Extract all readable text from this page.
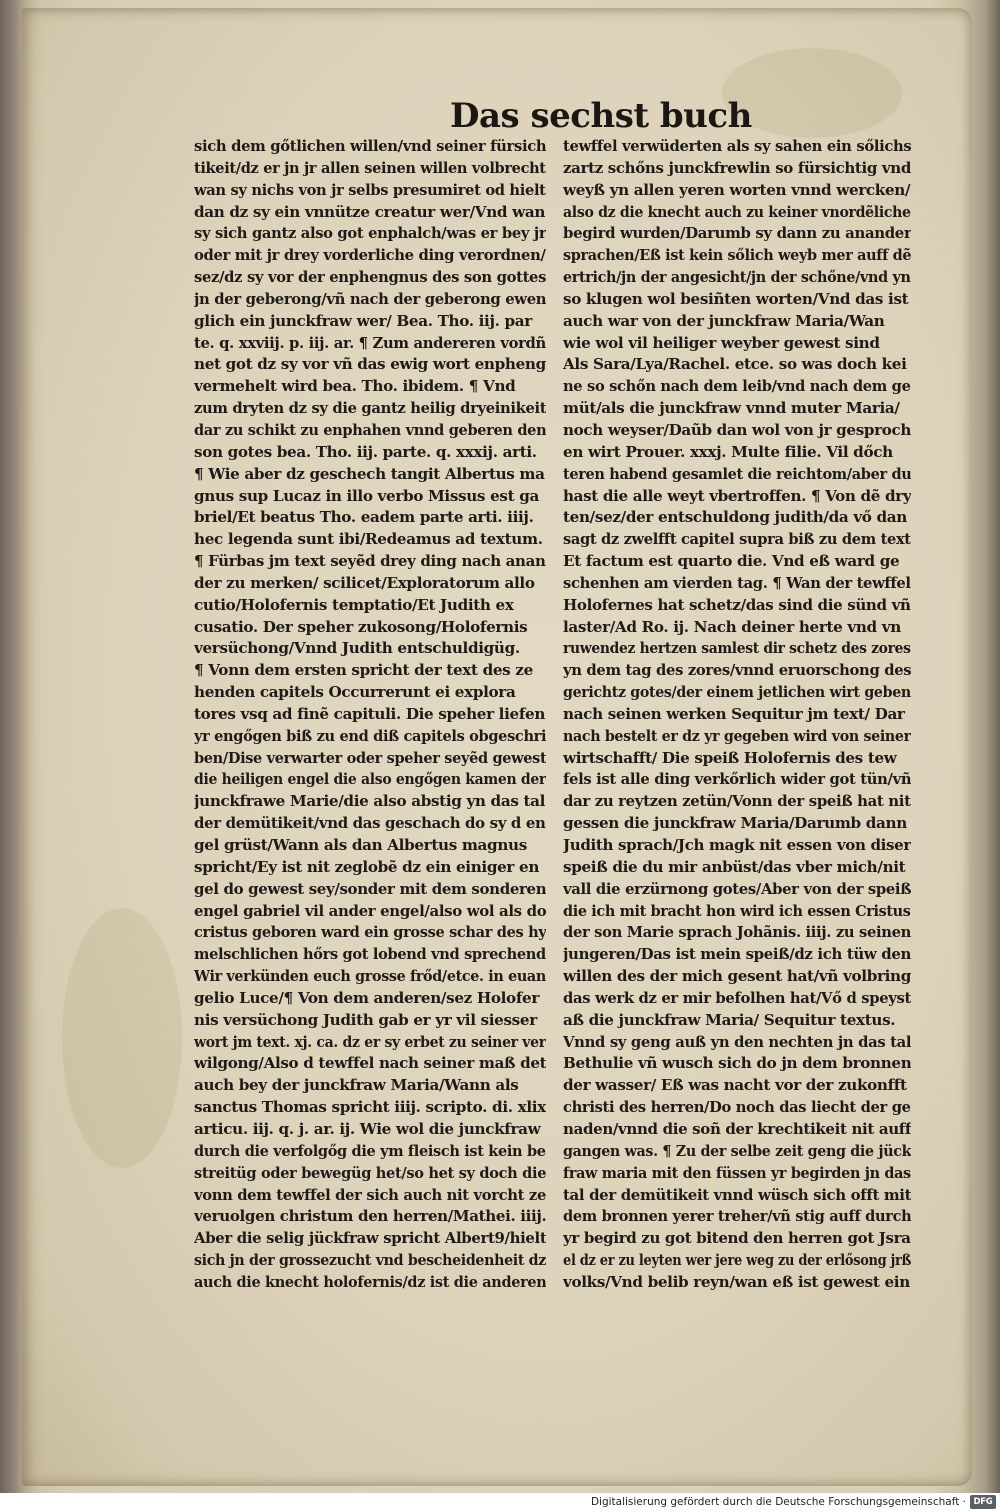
Das sechst buch
sich dem gőtlichen willen/vnd seiner fürsich
tikeit/dz er jn jr allen seinen willen volbrecht
wan sy nichs von jr selbs presumiret od hielt
dan dz sy ein vnnütze creatur wer/Vnd wan
sy sich gantz also got enphalch/was er bey jr
oder mit jr drey vorderliche ding verordnen/
sez/dz sy vor der enphengnus des son gottes
jn der geberong/vñ nach der geberong ewen
glich ein junckfraw wer/ Bea. Tho. iij. par
te. q. xxviij. p. iij. ar. ¶ Zum andereren vordñ
net got dz sy vor vñ das ewig wort enpheng
vermehelt wird bea. Tho. ibidem. ¶ Vnd
zum dryten dz sy die gantz heilig dryeinikeit
dar zu schikt zu enphahen vnnd geberen den
son gotes bea. Tho. iij. parte. q. xxxij. arti.
¶ Wie aber dz geschech tangit Albertus ma
gnus sup Lucaz in illo verbo Missus est ga
briel/Et beatus Tho. eadem parte arti. iiij.
hec legenda sunt ibi/Redeamus ad textum.
¶ Fürbas jm text seyẽd drey ding nach anan
der zu merken/ scilicet/Exploratorum allo
cutio/Holofernis temptatio/Et Judith ex
cusatio. Der speher zukosong/Holofernis
versüchong/Vnnd Judith entschuldigüg.
¶ Vonn dem ersten spricht der text des ze
henden capitels Occurrerunt ei explora
tores vsq ad finẽ capituli. Die speher liefen
yr engőgen biß zu end diß capitels obgeschri
ben/Dise verwarter oder speher seyẽd gewest
die heiligen engel die also engőgen kamen der
junckfrawe Marie/die also abstig yn das tal
der demütikeit/vnd das geschach do sy d en
gel grüst/Wann als dan Albertus magnus
spricht/Ey ist nit zeglobẽ dz ein einiger en
gel do gewest sey/sonder mit dem sonderen
engel gabriel vil ander engel/also wol als do
cristus geboren ward ein grosse schar des hy
melschlichen hőrs got lobend vnd sprechend
Wir verkünden euch grosse frőd/etce. in euan
gelio Luce/¶ Von dem anderen/sez Holofer
nis versüchong Judith gab er yr vil siesser
wort jm text. xj. ca. dz er sy erbet zu seiner ver
wilgong/Also d tewffel nach seiner maß det
auch bey der junckfraw Maria/Wann als
sanctus Thomas spricht iiij. scripto. di. xlix
articu. iij. q. j. ar. ij. Wie wol die junckfraw
durch die verfolgőg die ym fleisch ist kein be
streitüg oder bewegüg het/so het sy doch die
vonn dem tewffel der sich auch nit vorcht ze
veruolgen christum den herren/Mathei. iiij.
Aber die selig jückfraw spricht Albert9/hielt
sich jn der grossezucht vnd bescheidenheit dz
auch die knecht holofernis/dz ist die anderen
tewffel verwüderten als sy sahen ein sőlichs
zartz schőns junckfrewlin so fürsichtig vnd
weyß yn allen yeren worten vnnd wercken/
also dz die knecht auch zu keiner vnordẽliche
begird wurden/Darumb sy dann zu anander
sprachen/Eß ist kein sőlich weyb mer auff dẽ
ertrich/jn der angesicht/jn der schőne/vnd yn
so klugen wol besiñten worten/Vnd das ist
auch war von der junckfraw Maria/Wan
wie wol vil heiliger weyber gewest sind
Als Sara/Lya/Rachel. etce. so was doch kei
ne so schőn nach dem leib/vnd nach dem ge
müt/als die junckfraw vnnd muter Maria/
noch weyser/Daũb dan wol von jr gesproch
en wirt Prouer. xxxj. Multe filie. Vil dőch
teren habend gesamlet die reichtom/aber du
hast die alle weyt vbertroffen. ¶ Von dẽ dry
ten/sez/der entschuldong judith/da vő dan
sagt dz zwelfft capitel supra biß zu dem text
Et factum est quarto die. Vnd eß ward ge
schenhen am vierden tag. ¶ Wan der tewffel
Holofernes hat schetz/das sind die sünd vñ
laster/Ad Ro. ij. Nach deiner herte vnd vn
ruwendez hertzen samlest dir schetz des zores
yn dem tag des zores/vnnd eruorschong des
gerichtz gotes/der einem jetlichen wirt geben
nach seinen werken Sequitur jm text/ Dar
nach bestelt er dz yr gegeben wird von seiner
wirtschafft/ Die speiß Holofernis des tew
fels ist alle ding verkőrlich wider got tün/vñ
dar zu reytzen zetün/Vonn der speiß hat nit
gessen die junckfraw Maria/Darumb dann
Judith sprach/Jch magk nit essen von diser
speiß die du mir anbüst/das vber mich/nit
vall die erzürnong gotes/Aber von der speiß
die ich mit bracht hon wird ich essen Cristus
der son Marie sprach Johãnis. iiij. zu seinen
jungeren/Das ist mein speiß/dz ich tüw den
willen des der mich gesent hat/vñ volbring
das werk dz er mir befolhen hat/Vő d speyst
aß die junckfraw Maria/ Sequitur textus.
Vnnd sy geng auß yn den nechten jn das tal
Bethulie vñ wusch sich do jn dem bronnen
der wasser/ Eß was nacht vor der zukonfft
christi des herren/Do noch das liecht der ge
naden/vnnd die soñ der krechtikeit nit auff
gangen was. ¶ Zu der selbe zeit geng die jück
fraw maria mit den füssen yr begirden jn das
tal der demütikeit vnnd wüsch sich offt mit
dem bronnen yerer treher/vñ stig auff durch
yr begird zu got bitend den herren got Jsra
el dz er zu leyten wer jere weg zu der erlősong jrß
volks/Vnd belib reyn/wan eß ist gewest ein
Digitalisierung gefördert durch die Deutsche Forschungsgemeinschaft · DFG
